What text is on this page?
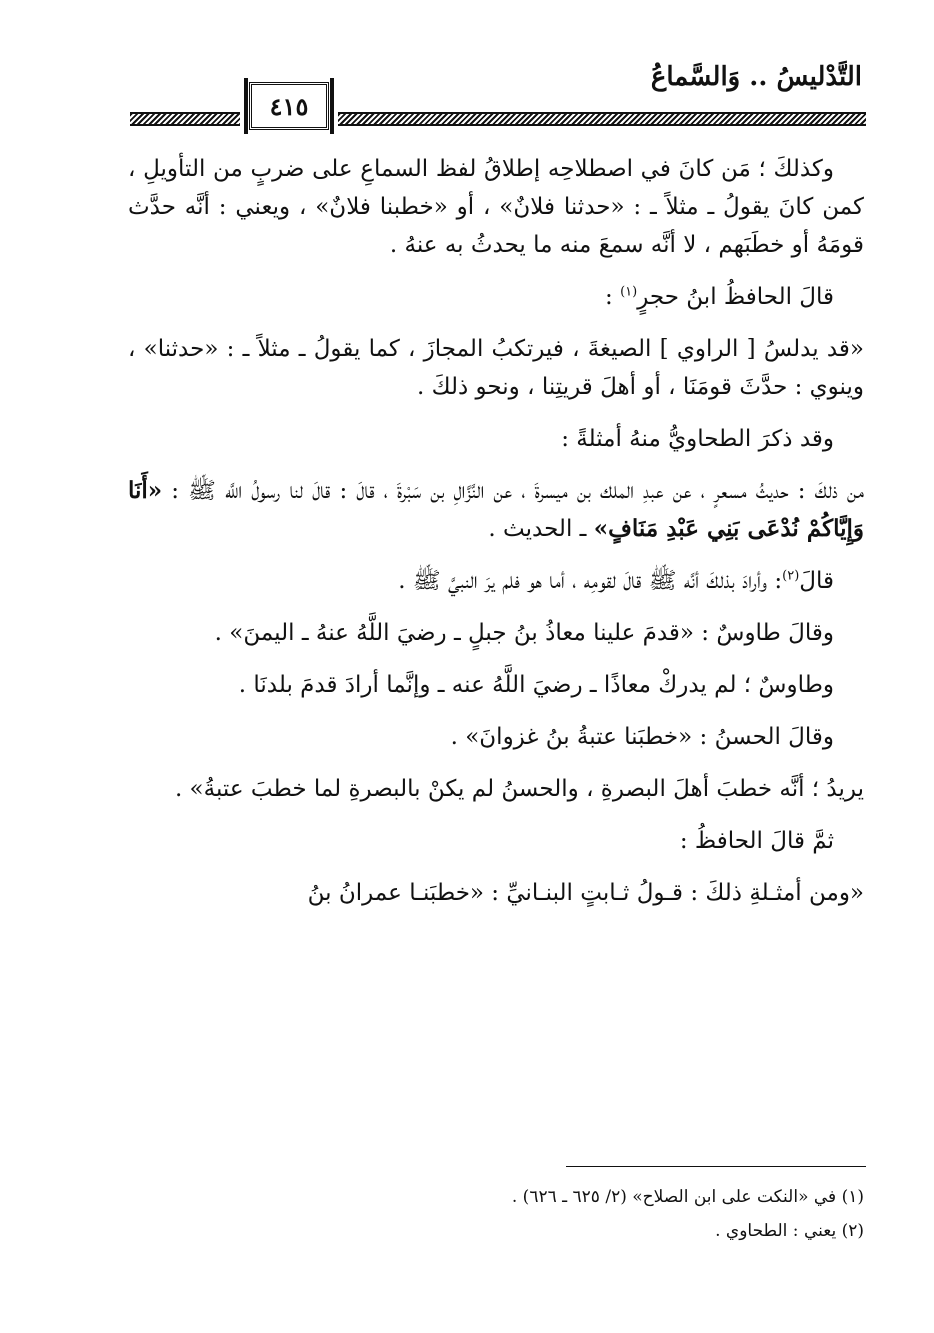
التَّدْليسُ .. وَالسَّماعُ
٤١٥

وكذلكَ ؛ مَن كانَ في اصطلاحِه إطلاقُ لفظ السماعِ على ضربٍ من التأويلِ ، كمن كانَ يقولُ ـ مثلاً ـ : «حدثنا فلانٌ» ، أو «خطبنا فلانٌ» ، ويعني : أنَّه حدَّث قومَهُ أو خطَبَهم ، لا أنَّه سمعَ منه ما يحدثُ به عنهُ .

قالَ الحافظُ ابنُ حجرٍ$^{(١)}$ :

«قد يدلسُ [ الراوي ] الصيغةَ ، فيرتكبُ المجازَ ، كما يقولُ ـ مثلاً ـ : «حدثنا» ، وينوي : حدَّثَ قومَنَا ، أو أهلَ قريتِنا ، ونحو ذلكَ .

وقد ذكرَ الطحاويُّ منهُ أمثلةً :

من ذلكَ : حديثُ مسعرٍ ، عن عبدِ الملك بن ميسرةَ ، عن النَّزَّالِ بن سَبْرةَ ، قالَ : قالَ لنا رسولُ اللَّه ﷺ : «أَنَا وَإِيَّاكُمْ نُدْعَى بَنِي عَبْدِ مَنَافٍ» ـ الحديث .

قالَ$^{(٢)}$: وأرادَ بذلكَ أنَّه ﷺ قالَ لقومِه ، أما هو فلم يرَ النبيَّ ﷺ .

وقالَ طاوسٌ : «قدمَ علينا معاذُ بنُ جبلٍ ـ رضيَ اللَّهُ عنهُ ـ اليمنَ» .

وطاوسٌ ؛ لم يدركْ معاذًا ـ رضيَ اللَّهُ عنه ـ وإنَّما أرادَ قدمَ بلدنَا .

وقالَ الحسنُ : «خطبَنا عتبةُ بنُ غزوانَ» .

يريدُ ؛ أنَّه خطبَ أهلَ البصرةِ ، والحسنُ لم يكنْ بالبصرةِ لما خطبَ عتبةُ» .

ثمَّ قالَ الحافظُ :

«ومن أمثـلةِ ذلكَ : قـولُ ثـابتٍ البنـانيِّ : «خطبَنـا عمرانُ بنُ

(١) في «النكت على ابن الصلاح» (٢/ ٦٢٥ ـ ٦٢٦) .

(٢) يعني : الطحاوي .
